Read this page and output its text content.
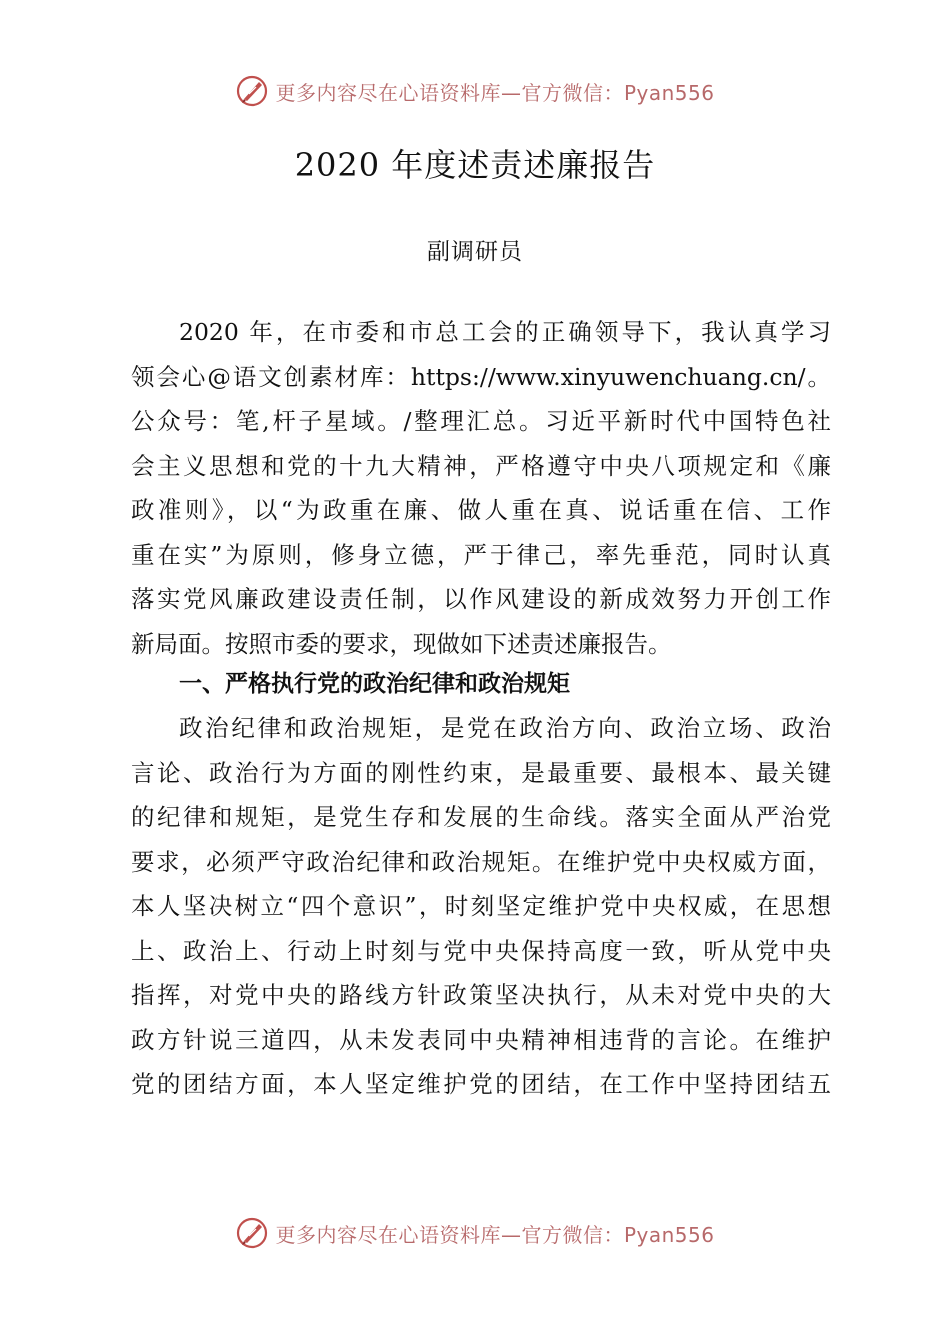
更多内容尽在心语资料库—官方微信：Pyan556
2020 年度述责述廉报告
副调研员
2020 年，在市委和市总工会的正确领导下，我认真学习
领会心@语文创素材库：https://www.xinyuwenchuang.cn/。
公众号：笔,杆子星域。/整理汇总。习近平新时代中国特色社
会主义思想和党的十九大精神，严格遵守中央八项规定和《廉
政准则》，以“为政重在廉、做人重在真、说话重在信、工作
重在实”为原则，修身立德，严于律己，率先垂范，同时认真
落实党风廉政建设责任制，以作风建设的新成效努力开创工作
新局面。按照市委的要求，现做如下述责述廉报告。
一、严格执行党的政治纪律和政治规矩
政治纪律和政治规矩，是党在政治方向、政治立场、政治
言论、政治行为方面的刚性约束，是最重要、最根本、最关键
的纪律和规矩，是党生存和发展的生命线。落实全面从严治党
要求，必须严守政治纪律和政治规矩。在维护党中央权威方面，
本人坚决树立“四个意识”，时刻坚定维护党中央权威，在思想
上、政治上、行动上时刻与党中央保持高度一致，听从党中央
指挥，对党中央的路线方针政策坚决执行，从未对党中央的大
政方针说三道四，从未发表同中央精神相违背的言论。在维护
党的团结方面，本人坚定维护党的团结，在工作中坚持团结五
更多内容尽在心语资料库—官方微信：Pyan556
